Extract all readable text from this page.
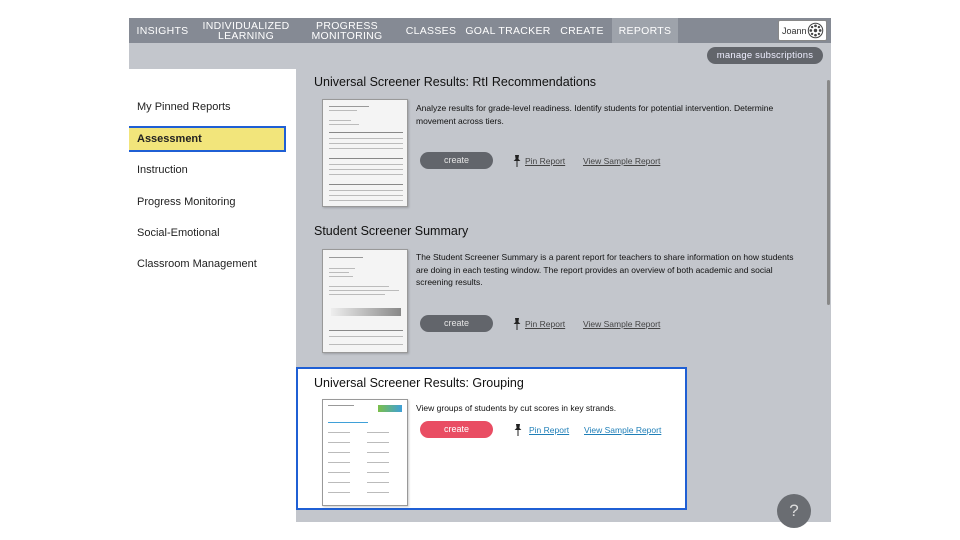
INSIGHTS	INDIVIDUALIZED LEARNING
PROGRESS MONITORING	CLASSES GOAL TRACKER CREATE	REPORTS	Joann
manage subscriptions
My Pinned Reports
Assessment
Instruction
Progress Monitoring
Social-Emotional
Classroom Management
Universal Screener Results: RtI Recommendations
Analyze results for grade-level readiness. Identify students for potential intervention. Determine movement across tiers.
create	Pin Report View Sample Report
Student Screener Summary
The Student Screener Summary is a parent report for teachers to share information on how students are doing in each testing window. The report provides an overview of both academic and social screening results.
create	Pin Report View Sample Report
Universal Screener Results: Grouping
View groups of students by cut scores in key strands.
create	Pin Report View Sample Report
?
